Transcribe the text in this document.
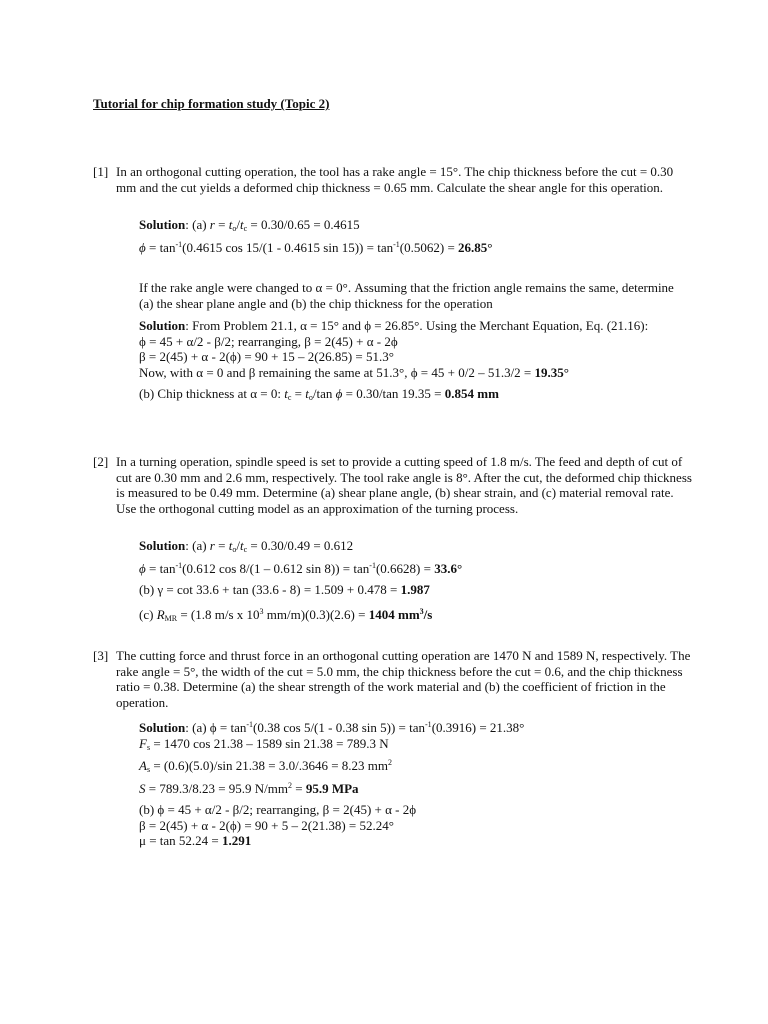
Tutorial for chip formation study (Topic 2)
[1] In an orthogonal cutting operation, the tool has a rake angle = 15°. The chip thickness before the cut = 0.30 mm and the cut yields a deformed chip thickness = 0.65 mm. Calculate the shear angle for this operation.

Solution: (a) $r = t_o/t_c = 0.30/0.65 = 0.4615$

$\phi = \tan^{-1}(0.4615$ cos 15/(1 - 0.4615 $\sin 15)) = \tan^{-1}(0.5062) = 26.85^\circ$

If the rake angle were changed to α = 0°. Assuming that the friction angle remains the same, determine (a) the shear plane angle and (b) the chip thickness for the operation

Solution: From Problem 21.1, α = 15° and ϕ = 26.85°. Using the Merchant Equation, Eq. (21.16):

ϕ = 45 + α/2 - β/2; rearranging, β = 2(45) + α - 2ϕ

β = 2(45) + α - 2(ϕ) = 90 + 15 – 2(26.85) = 51.3°

Now, with α = 0 and β remaining the same at 51.3°, ϕ = 45 + 0/2 – 51.3/2 = 19.35°

(b) Chip thickness at α = 0: $t_c = t_o/\tan$ ϕ = 0.30/tan 19.35 = 0.854 mm

[2] In a turning operation, spindle speed is set to provide a cutting speed of 1.8 m/s. The feed and depth of cut of cut are 0.30 mm and 2.6 mm, respectively. The tool rake angle is 8°. After the cut, the deformed chip thickness is measured to be 0.49 mm. Determine (a) shear plane angle, (b) shear strain, and (c) material removal rate. Use the orthogonal cutting model as an approximation of the turning process.

Solution: (a) $r = t_o/t_c = 0.30/0.49 = 0.612$

$\phi = \tan^{-1}(0.612$ cos 8/(1 – 0.612 $\sin 8)) = \tan^{-1}(0.6628) = 33.6^\circ$

(b) γ = cot 33.6 + tan (33.6 - 8) = 1.509 + 0.478 = 1.987

(c) $R_{MR} = (1.8$ m/s x $10^3$ mm/m)(0.3)(2.6) = 1404 $mm^3/s$

[3] The cutting force and thrust force in an orthogonal cutting operation are 1470 N and 1589 N, respectively. The rake angle = 5°, the width of the cut = 5.0 mm, the chip thickness before the cut = 0.6, and the chip thickness ratio = 0.38. Determine (a) the shear strength of the work material and (b) the coefficient of friction in the operation.

Solution: (a) $\phi = \tan^{-1}(0.38$ cos 5/(1 - 0.38 $\sin 5)) = \tan^{-1}(0.3916) = 21.38^\circ$

$F_s = 1470$ cos 21.38 – 1589 sin 21.38 = 789.3 N

$A_s = (0.6)(5.0)/\sin$ 21.38 = 3.0/.3646 = 8.23 $mm^2$

S = 789.3/8.23 = 95.9 $N/mm^2 = 95.9$ MPa

(b) ϕ = 45 + α/2 - β/2; rearranging, β = 2(45) + α - 2ϕ

β = 2(45) + α - 2(ϕ) = 90 + 5 – 2(21.38) = 52.24°

μ = tan 52.24 = 1.291
